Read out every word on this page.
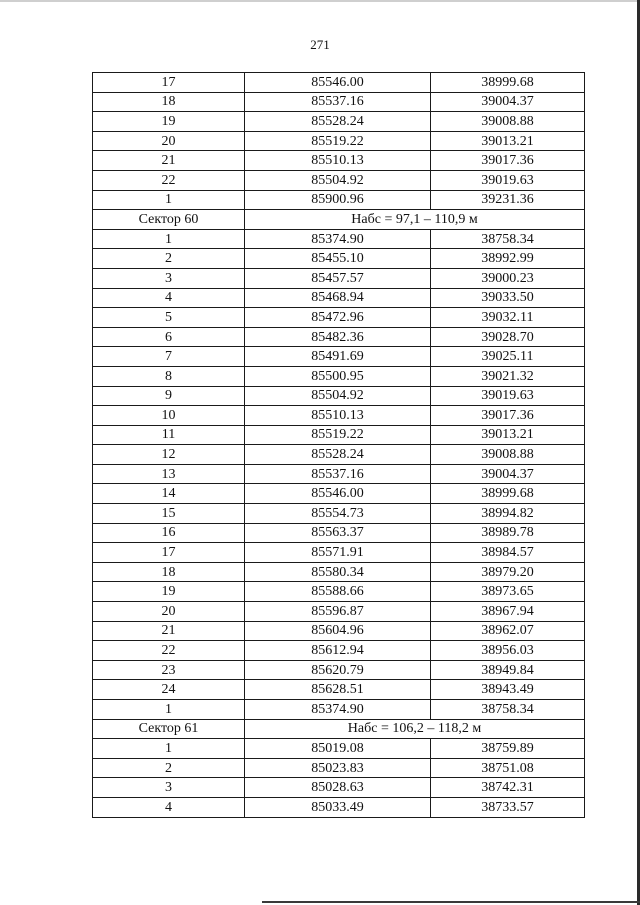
271
17	85546.00	38999.68
18	85537.16	39004.37
19	85528.24	39008.88
20	85519.22	39013.21
21	85510.13	39017.36
22	85504.92	39019.63
1	85900.96	39231.36
Сектор 60	Набс = 97,1 – 110,9 м	
1	85374.90	38758.34
2	85455.10	38992.99
3	85457.57	39000.23
4	85468.94	39033.50
5	85472.96	39032.11
6	85482.36	39028.70
7	85491.69	39025.11
8	85500.95	39021.32
9	85504.92	39019.63
10	85510.13	39017.36
11	85519.22	39013.21
12	85528.24	39008.88
13	85537.16	39004.37
14	85546.00	38999.68
15	85554.73	38994.82
16	85563.37	38989.78
17	85571.91	38984.57
18	85580.34	38979.20
19	85588.66	38973.65
20	85596.87	38967.94
21	85604.96	38962.07
22	85612.94	38956.03
23	85620.79	38949.84
24	85628.51	38943.49
1	85374.90	38758.34
Сектор 61	Набс = 106,2 – 118,2 м	
1	85019.08	38759.89
2	85023.83	38751.08
3	85028.63	38742.31
4	85033.49	38733.57
